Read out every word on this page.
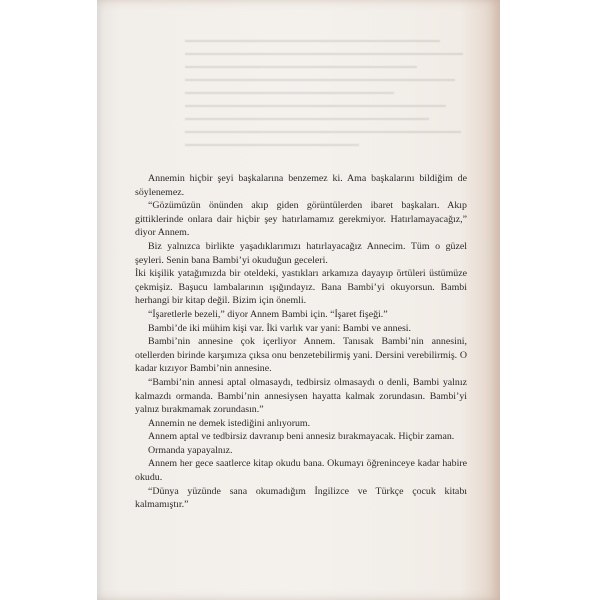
Annemin hiçbir şeyi başkalarına benzemez ki. Ama başkalarını bildiğim de söylenemez.

“Gözümüzün önünden akıp giden görüntülerden ibaret başkaları. Akıp gittiklerinde onlara dair hiçbir şey hatırlamamız gerekmiyor. Hatırlamayacağız,” diyor Annem.

Biz yalnızca birlikte yaşadıklarımızı hatırlayacağız Annecim. Tüm o güzel şeyleri. Senin bana Bambi’yi okuduğun geceleri.

İki kişilik yatağımızda bir oteldeki, yastıkları arkamıza dayayıp örtüleri üstümüze çekmişiz. Başucu lambalarının ışığındayız. Bana Bambi’yi okuyorsun. Bambi herhangi bir kitap değil. Bizim için önemli.

“İşaretlerle bezeli,” diyor Annem Bambi için. “İşaret fişeği.”

Bambi’de iki mühim kişi var. İki varlık var yani: Bambi ve annesi.

Bambi’nin annesine çok içerliyor Annem. Tanısak Bambi’nin annesini, otellerden birinde karşımıza çıksa onu benzetebilirmiş yani. Dersini verebilirmiş. O kadar kızıyor Bambi’nin annesine.

“Bambi’nin annesi aptal olmasaydı, tedbirsiz olmasaydı o denli, Bambi yalnız kalmazdı ormanda. Bambi’nin annesiysen hayatta kalmak zorundasın. Bambi’yi yalnız bırakmamak zorundasın.”

Annemin ne demek istediğini anlıyorum.

Annem aptal ve tedbirsiz davranıp beni annesiz bırakmayacak. Hiçbir zaman.

Ormanda yapayalnız.

Annem her gece saatlerce kitap okudu bana. Okumayı öğreninceye kadar habire okudu.

“Dünya yüzünde sana okumadığım İngilizce ve Türkçe çocuk kitabı kalmamıştır.”
